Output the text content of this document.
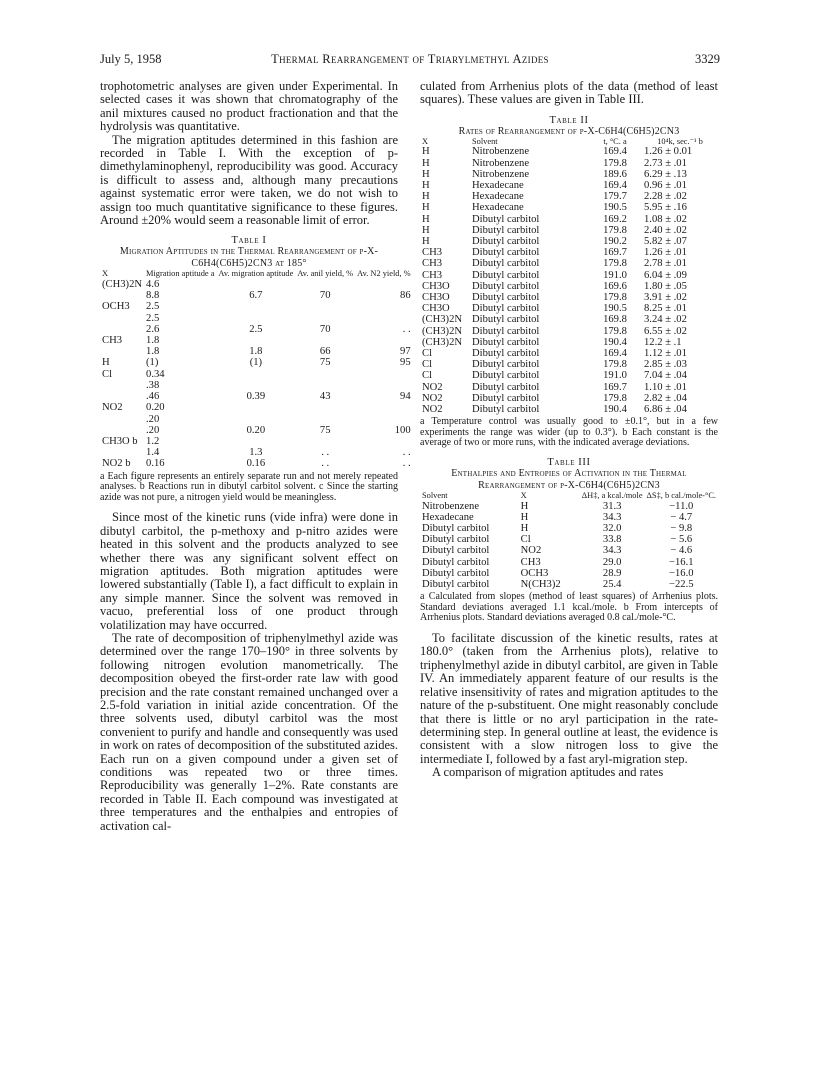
July 5, 1958	Thermal Rearrangement of Triarylmethyl Azides	3329

trophotometric analyses are given under Experimental. In selected cases it was shown that chromatography of the anil mixtures caused no product fractionation and that the hydrolysis was quantitative.

The migration aptitudes determined in this fashion are recorded in Table I. With the exception of p-dimethylaminophenyl, reproducibility was good. Accuracy is difficult to assess and, although many precautions against systematic error were taken, we do not wish to assign too much quantitative significance to these figures. Around ±20% would seem a reasonable limit of error.

Table I
Migration Aptitudes in the Thermal Rearrangement of p-X-C6H4(C6H5)2CN3 at 185°
X	Migration aptitude a	Av. migration aptitude	Av. anil yield, %	Av. N2 yield, %
(CH3)2N	4.6			
	8.8	6.7	70	86
OCH3	2.5			
	2.5			
	2.6	2.5	70	. .
CH3	1.8			
	1.8	1.8	66	97
H	(1)	(1)	75	95
Cl	0.34			
	.38			
	.46	0.39	43	94
NO2	0.20			
	.20			
	.20	0.20	75	100
CH3O b	1.2			
	1.4	1.3	. .	. .
NO2 b	0.16	0.16	. .	. .

a Each figure represents an entirely separate run and not merely repeated analyses. b Reactions run in dibutyl carbitol solvent. c Since the starting azide was not pure, a nitrogen yield would be meaningless.

Since most of the kinetic runs (vide infra) were done in dibutyl carbitol, the p-methoxy and p-nitro azides were heated in this solvent and the products analyzed to see whether there was any significant solvent effect on migration aptitudes. Both migration aptitudes were lowered substantially (Table I), a fact difficult to explain in any simple manner. Since the solvent was removed in vacuo, preferential loss of one product through volatilization may have occurred.

The rate of decomposition of triphenylmethyl azide was determined over the range 170–190° in three solvents by following nitrogen evolution manometrically. The decomposition obeyed the first-order rate law with good precision and the rate constant remained unchanged over a 2.5-fold variation in initial azide concentration. Of the three solvents used, dibutyl carbitol was the most convenient to purify and handle and consequently was used in work on rates of decomposition of the substituted azides. Each run on a given compound under a given set of conditions was repeated two or three times. Reproducibility was generally 1–2%. Rate constants are recorded in Table II. Each compound was investigated at three temperatures and the enthalpies and entropies of activation cal-

culated from Arrhenius plots of the data (method of least squares). These values are given in Table III.

Table II
Rates of Rearrangement of p-X-C6H4(C6H5)2CN3
X	Solvent	t, °C. a	10⁴k, sec.⁻¹ b
H	Nitrobenzene	169.4	1.26 ± 0.01
H	Nitrobenzene	179.8	2.73 ± .01
H	Nitrobenzene	189.6	6.29 ± .13
H	Hexadecane	169.4	0.96 ± .01
H	Hexadecane	179.7	2.28 ± .02
H	Hexadecane	190.5	5.95 ± .16
H	Dibutyl carbitol	169.2	1.08 ± .02
H	Dibutyl carbitol	179.8	2.40 ± .02
H	Dibutyl carbitol	190.2	5.82 ± .07
CH3	Dibutyl carbitol	169.7	1.26 ± .01
CH3	Dibutyl carbitol	179.8	2.78 ± .01
CH3	Dibutyl carbitol	191.0	6.04 ± .09
CH3O	Dibutyl carbitol	169.6	1.80 ± .05
CH3O	Dibutyl carbitol	179.8	3.91 ± .02
CH3O	Dibutyl carbitol	190.5	8.25 ± .01
(CH3)2N	Dibutyl carbitol	169.8	3.24 ± .02
(CH3)2N	Dibutyl carbitol	179.8	6.55 ± .02
(CH3)2N	Dibutyl carbitol	190.4	12.2 ± .1
Cl	Dibutyl carbitol	169.4	1.12 ± .01
Cl	Dibutyl carbitol	179.8	2.85 ± .03
Cl	Dibutyl carbitol	191.0	7.04 ± .04
NO2	Dibutyl carbitol	169.7	1.10 ± .01
NO2	Dibutyl carbitol	179.8	2.82 ± .04
NO2	Dibutyl carbitol	190.4	6.86 ± .04

a Temperature control was usually good to ±0.1°, but in a few experiments the range was wider (up to 0.3°). b Each constant is the average of two or more runs, with the indicated average deviations.

Table III
Enthalpies and Entropies of Activation in the Thermal Rearrangement of p-X-C6H4(C6H5)2CN3
Solvent	X	ΔH‡, a kcal./mole	ΔS‡, b cal./mole-°C.
Nitrobenzene	H	31.3	−11.0
Hexadecane	H	34.3	− 4.7
Dibutyl carbitol	H	32.0	− 9.8
Dibutyl carbitol	Cl	33.8	− 5.6
Dibutyl carbitol	NO2	34.3	− 4.6
Dibutyl carbitol	CH3	29.0	−16.1
Dibutyl carbitol	OCH3	28.9	−16.0
Dibutyl carbitol	N(CH3)2	25.4	−22.5

a Calculated from slopes (method of least squares) of Arrhenius plots. Standard deviations averaged 1.1 kcal./mole. b From intercepts of Arrhenius plots. Standard deviations averaged 0.8 cal./mole-°C.

To facilitate discussion of the kinetic results, rates at 180.0° (taken from the Arrhenius plots), relative to triphenylmethyl azide in dibutyl carbitol, are given in Table IV. An immediately apparent feature of our results is the relative insensitivity of rates and migration aptitudes to the nature of the p-substituent. One might reasonably conclude that there is little or no aryl participation in the rate-determining step. In general outline at least, the evidence is consistent with a slow nitrogen loss to give the intermediate I, followed by a fast aryl-migration step.

A comparison of migration aptitudes and rates
